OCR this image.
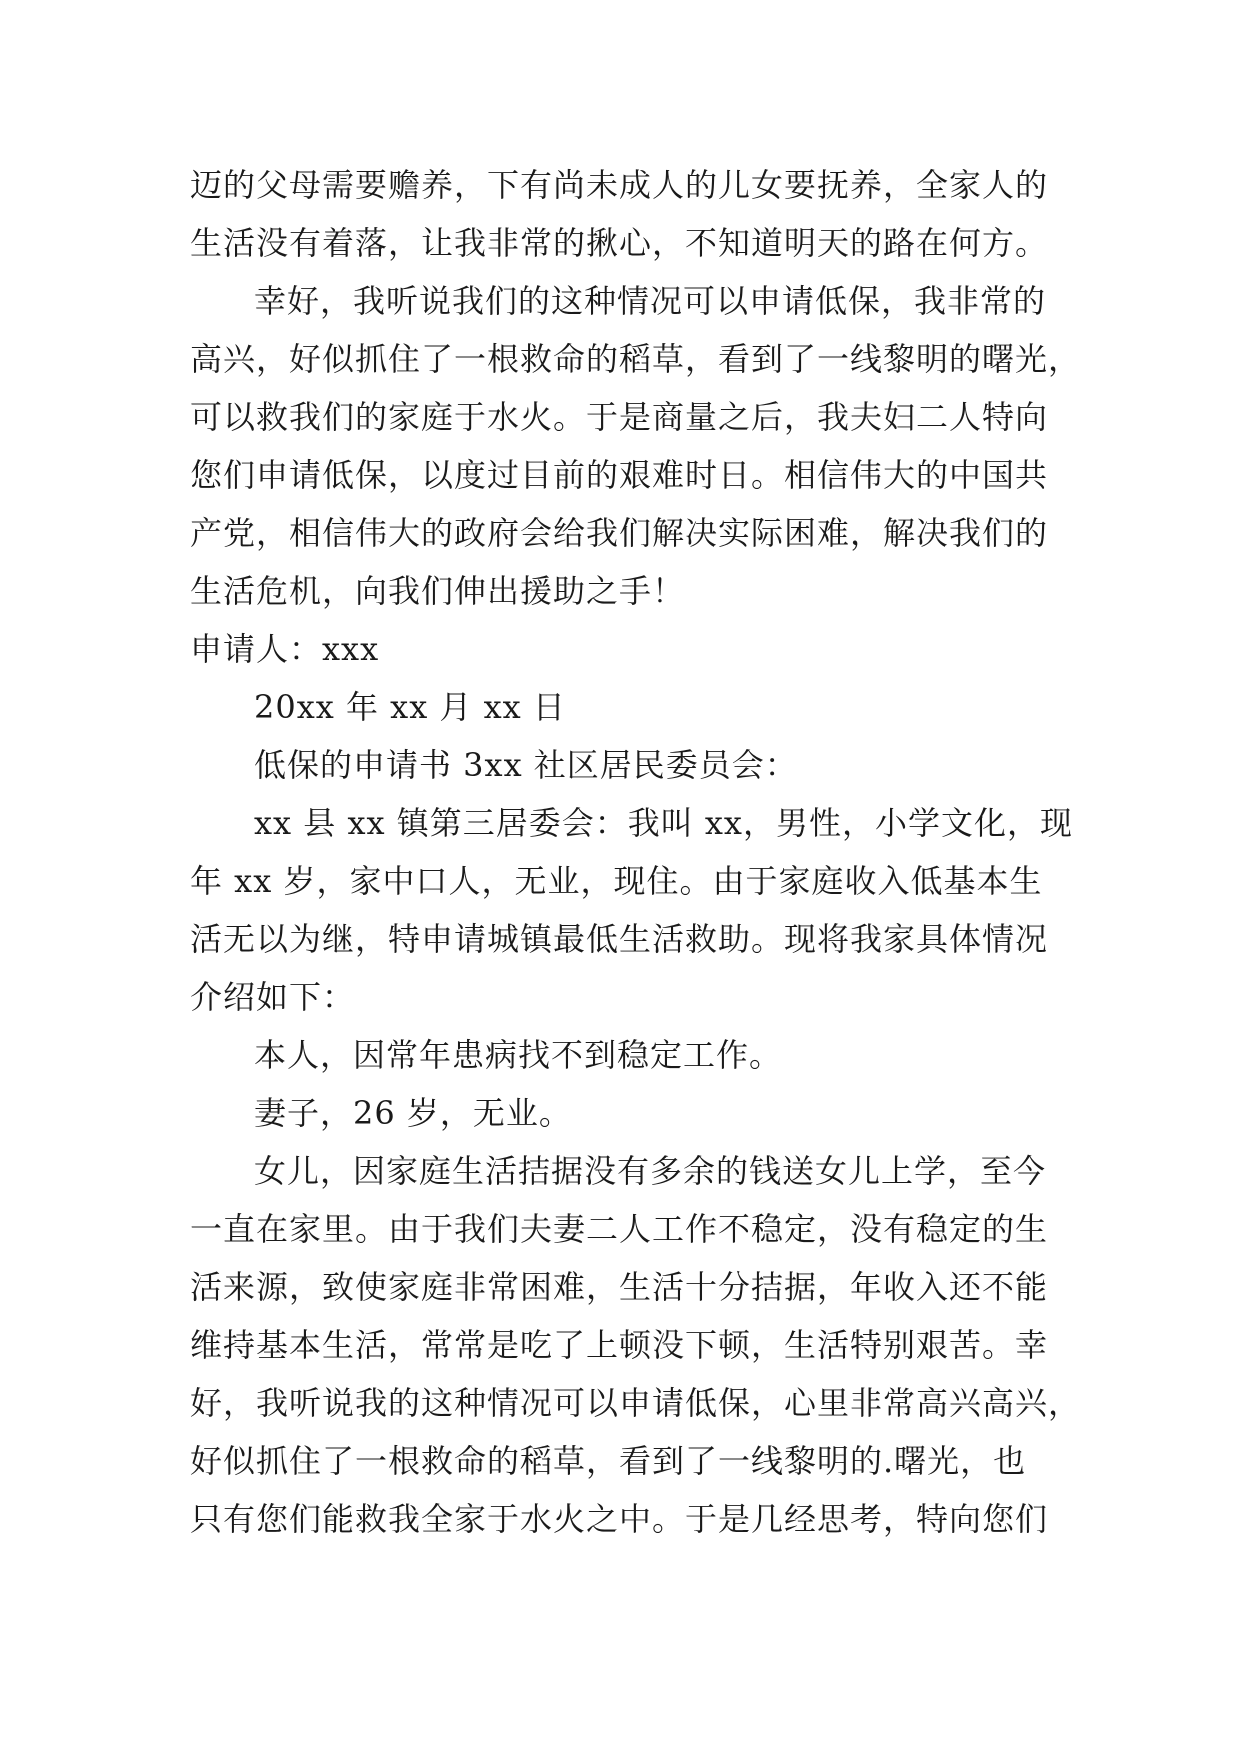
迈的父母需要赡养，下有尚未成人的儿女要抚养，全家人的
生活没有着落，让我非常的揪心，不知道明天的路在何方。
幸好，我听说我们的这种情况可以申请低保，我非常的
高兴，好似抓住了一根救命的稻草，看到了一线黎明的曙光，
可以救我们的家庭于水火。于是商量之后，我夫妇二人特向
您们申请低保，以度过目前的艰难时日。相信伟大的中国共
产党，相信伟大的政府会给我们解决实际困难，解决我们的
生活危机，向我们伸出援助之手！
申请人：xxx
20xx 年 xx 月 xx 日
低保的申请书 3xx 社区居民委员会：
xx 县 xx 镇第三居委会：我叫 xx，男性，小学文化，现
年 xx 岁，家中口人，无业，现住。由于家庭收入低基本生
活无以为继，特申请城镇最低生活救助。现将我家具体情况
介绍如下：
本人，因常年患病找不到稳定工作。
妻子，26 岁，无业。
女儿，因家庭生活拮据没有多余的钱送女儿上学，至今
一直在家里。由于我们夫妻二人工作不稳定，没有稳定的生
活来源，致使家庭非常困难，生活十分拮据，年收入还不能
维持基本生活，常常是吃了上顿没下顿，生活特别艰苦。幸
好，我听说我的这种情况可以申请低保，心里非常高兴高兴，
好似抓住了一根救命的稻草，看到了一线黎明的.曙光，也
只有您们能救我全家于水火之中。于是几经思考，特向您们
